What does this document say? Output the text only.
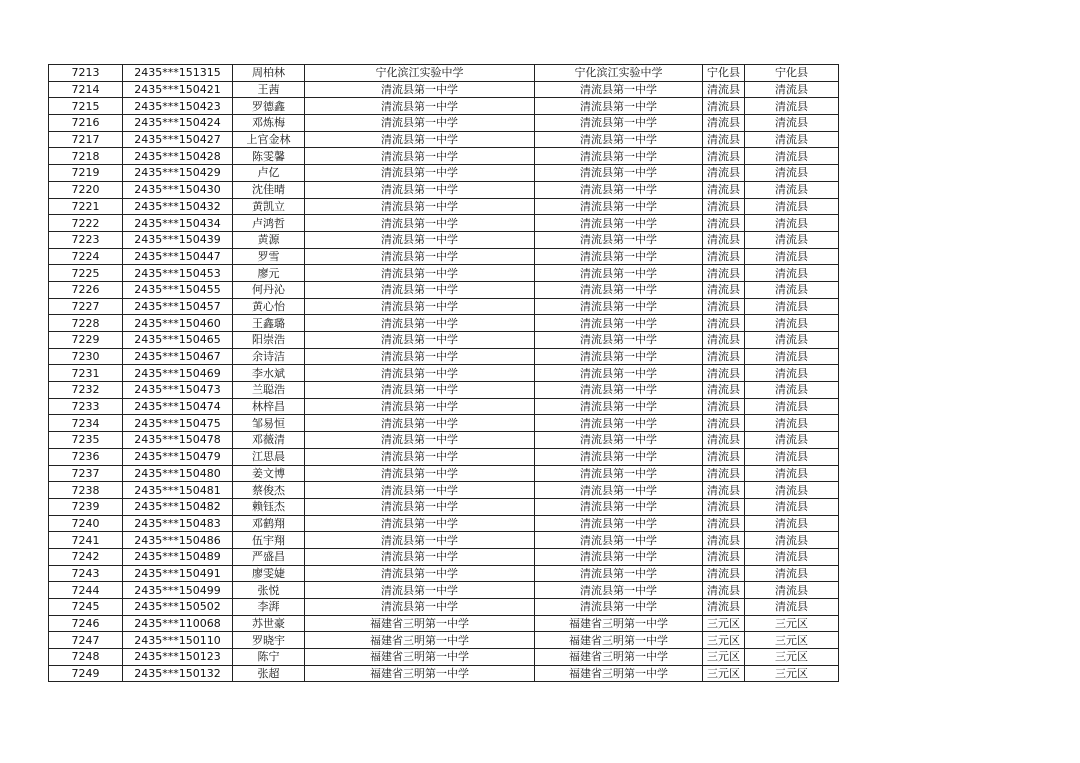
7213	2435***151315	周柏林	宁化滨江实验中学	宁化滨江实验中学	宁化县	宁化县
7214	2435***150421	王茜	清流县第一中学	清流县第一中学	清流县	清流县
7215	2435***150423	罗德鑫	清流县第一中学	清流县第一中学	清流县	清流县
7216	2435***150424	邓炼梅	清流县第一中学	清流县第一中学	清流县	清流县
7217	2435***150427	上官金林	清流县第一中学	清流县第一中学	清流县	清流县
7218	2435***150428	陈雯馨	清流县第一中学	清流县第一中学	清流县	清流县
7219	2435***150429	卢亿	清流县第一中学	清流县第一中学	清流县	清流县
7220	2435***150430	沈佳晴	清流县第一中学	清流县第一中学	清流县	清流县
7221	2435***150432	黄凯立	清流县第一中学	清流县第一中学	清流县	清流县
7222	2435***150434	卢鸿哲	清流县第一中学	清流县第一中学	清流县	清流县
7223	2435***150439	黄源	清流县第一中学	清流县第一中学	清流县	清流县
7224	2435***150447	罗雪	清流县第一中学	清流县第一中学	清流县	清流县
7225	2435***150453	廖元	清流县第一中学	清流县第一中学	清流县	清流县
7226	2435***150455	何丹沁	清流县第一中学	清流县第一中学	清流县	清流县
7227	2435***150457	黄心怡	清流县第一中学	清流县第一中学	清流县	清流县
7228	2435***150460	王鑫璐	清流县第一中学	清流县第一中学	清流县	清流县
7229	2435***150465	阳崇浩	清流县第一中学	清流县第一中学	清流县	清流县
7230	2435***150467	余诗洁	清流县第一中学	清流县第一中学	清流县	清流县
7231	2435***150469	李水斌	清流县第一中学	清流县第一中学	清流县	清流县
7232	2435***150473	兰聪浩	清流县第一中学	清流县第一中学	清流县	清流县
7233	2435***150474	林梓昌	清流县第一中学	清流县第一中学	清流县	清流县
7234	2435***150475	邹易恒	清流县第一中学	清流县第一中学	清流县	清流县
7235	2435***150478	邓薇清	清流县第一中学	清流县第一中学	清流县	清流县
7236	2435***150479	江思晨	清流县第一中学	清流县第一中学	清流县	清流县
7237	2435***150480	姜文博	清流县第一中学	清流县第一中学	清流县	清流县
7238	2435***150481	蔡俊杰	清流县第一中学	清流县第一中学	清流县	清流县
7239	2435***150482	赖钰杰	清流县第一中学	清流县第一中学	清流县	清流县
7240	2435***150483	邓鹤翔	清流县第一中学	清流县第一中学	清流县	清流县
7241	2435***150486	伍宇翔	清流县第一中学	清流县第一中学	清流县	清流县
7242	2435***150489	严盛昌	清流县第一中学	清流县第一中学	清流县	清流县
7243	2435***150491	廖雯婕	清流县第一中学	清流县第一中学	清流县	清流县
7244	2435***150499	张悦	清流县第一中学	清流县第一中学	清流县	清流县
7245	2435***150502	李湃	清流县第一中学	清流县第一中学	清流县	清流县
7246	2435***110068	苏世豪	福建省三明第一中学	福建省三明第一中学	三元区	三元区
7247	2435***150110	罗晓宇	福建省三明第一中学	福建省三明第一中学	三元区	三元区
7248	2435***150123	陈宁	福建省三明第一中学	福建省三明第一中学	三元区	三元区
7249	2435***150132	张超	福建省三明第一中学	福建省三明第一中学	三元区	三元区
